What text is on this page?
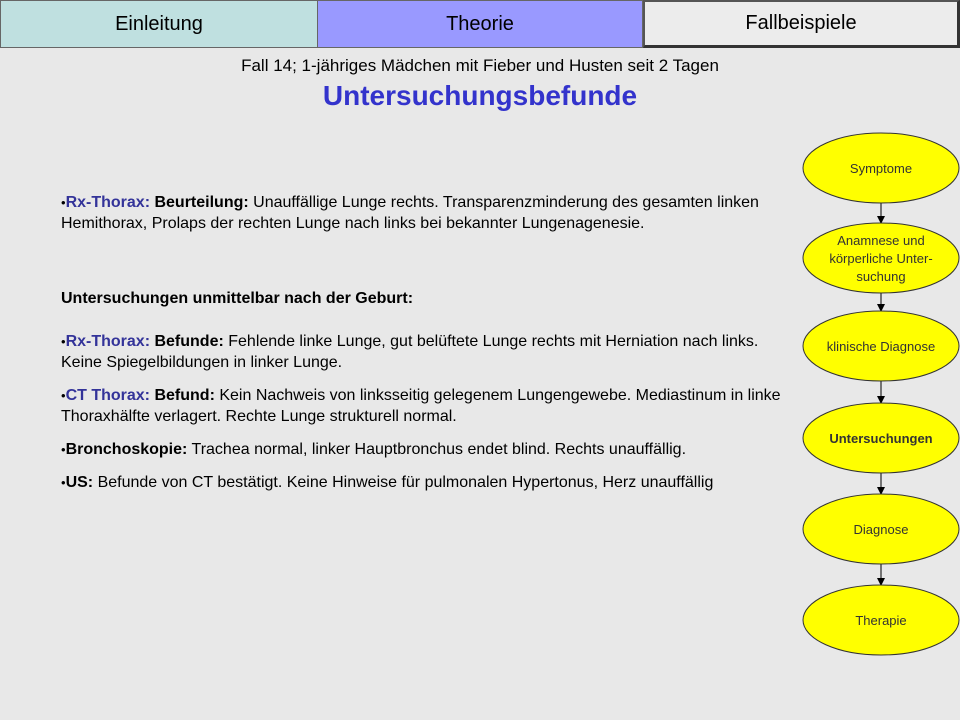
Einleitung	Theorie	Fallbeispiele
Fall 14; 1-jähriges Mädchen mit Fieber und Husten seit 2 Tagen
Untersuchungsbefunde

•Rx-Thorax: Beurteilung: Unauffällige Lunge rechts. Transparenzminderung des gesamten linken Hemithorax, Prolaps der rechten Lunge nach links bei bekannter Lungenagenesie.

Untersuchungen unmittelbar nach der Geburt:

•Rx-Thorax: Befunde: Fehlende linke Lunge, gut belüftete Lunge rechts mit Herniation nach links. Keine Spiegelbildungen in linker Lunge.

•CT Thorax: Befund: Kein Nachweis von linksseitig gelegenem Lungengewebe. Mediastinum in linke Thoraxhälfte verlagert. Rechte Lunge strukturell normal.

•Bronchoskopie: Trachea normal, linker Hauptbronchus endet blind. Rechts unauffällig.

•US: Befunde von CT bestätigt. Keine Hinweise für pulmonalen Hypertonus, Herz unauffällig

Symptome
Anamnese und
körperliche Unter-
suchung
klinische Diagnose
Untersuchungen
Diagnose
Therapie
